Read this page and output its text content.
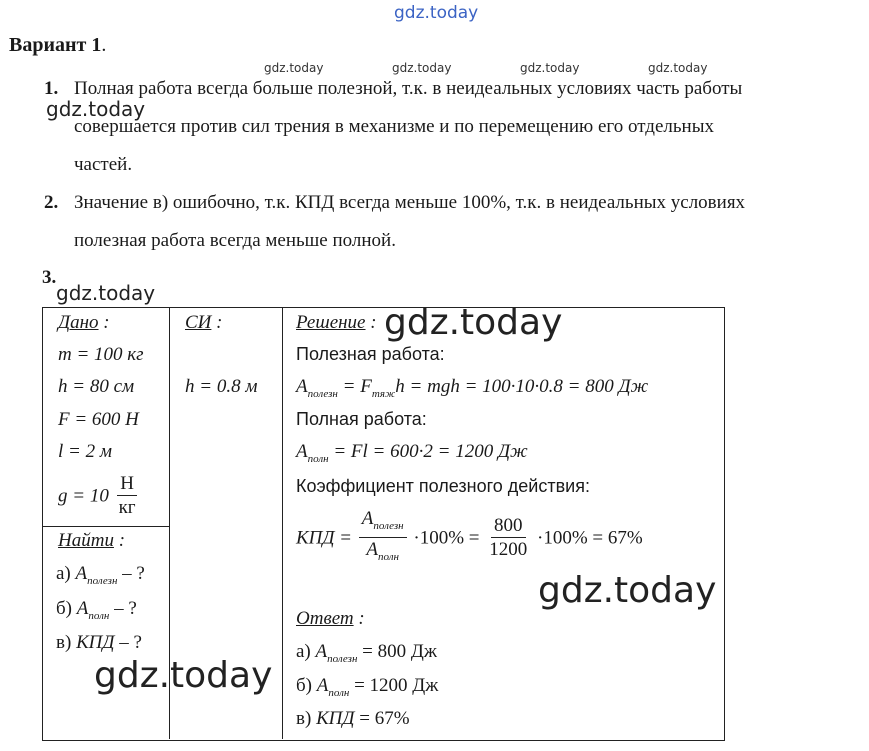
gdz.today
gdz.today	gdz.today	gdz.today	gdz.today
gdz.today
gdz.today
Вариант 1.
1. Полная работа всегда больше полезной, т.к. в неидеальных условиях часть работы
совершается против сил трения в механизме и по перемещению его отдельных
частей.
2. Значение в) ошибочно, т.к. КПД всегда меньше 100%, т.к. в неидеальных условиях
полезная работа всегда меньше полной.
3.
Дано :
m = 100 кг
h = 80 см
F = 600 Н
l = 2 м
$g = 10 \frac{Н}{кг}$
Найти :
а) $A_{полезн}$ – ?
б) $A_{полн}$ – ?
в) КПД – ?
СИ :
h = 0.8 м
Решение :
Полезная работа:
$A_{полезн} = F_{тяж}h$ = mgh = 100·10·0.8 = 800 Дж
Полная работа:
$A_{полн} = Fl = 600\cdot 2 = 1200$ Дж
Коэффициент полезного действия:
КПД = $\frac{A_{полезн}}{A_{полн}} \cdot 100\% = \frac{800}{1200} \cdot 100\% = 67\%$
Ответ :
а) $A_{полезн} = 800$ Дж
б) $A_{полн} = 1200$ Дж
в) КПД = 67%
gdz.today
gdz.today
gdz.today
